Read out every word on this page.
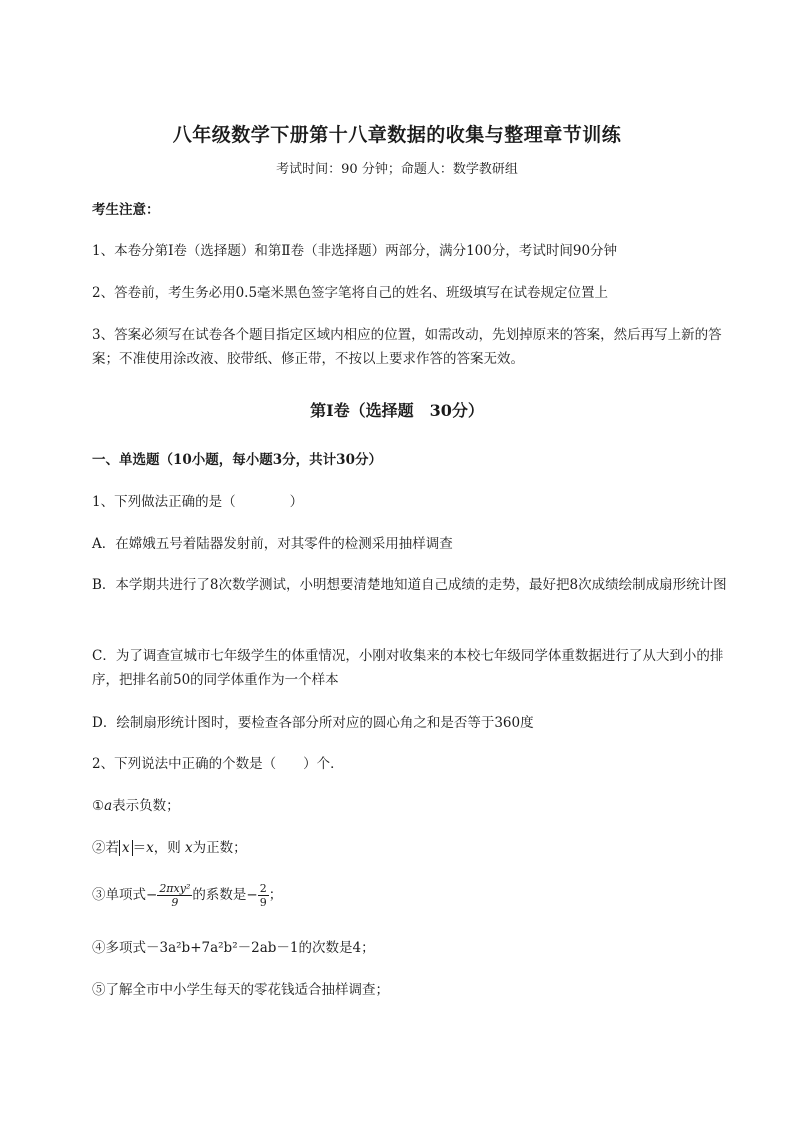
八年级数学下册第十八章数据的收集与整理章节训练
考试时间：90 分钟；命题人：数学教研组
考生注意：
1、本卷分第Ⅰ卷（选择题）和第Ⅱ卷（非选择题）两部分，满分100分，考试时间90分钟
2、答卷前，考生务必用0.5毫米黑色签字笔将自己的姓名、班级填写在试卷规定位置上
3、答案必须写在试卷各个题目指定区域内相应的位置，如需改动，先划掉原来的答案，然后再写上新的答案；不准使用涂改液、胶带纸、修正带，不按以上要求作答的答案无效。
第Ⅰ卷（选择题　30分）
一、单选题（10小题，每小题3分，共计30分）
1、下列做法正确的是（　　　　）
A．在嫦娥五号着陆器发射前，对其零件的检测采用抽样调查
B．本学期共进行了8次数学测试，小明想要清楚地知道自己成绩的走势，最好把8次成绩绘制成扇形统计图
C．为了调查宣城市七年级学生的体重情况，小刚对收集来的本校七年级同学体重数据进行了从大到小的排序，把排名前50的同学体重作为一个样本
D．绘制扇形统计图时，要检查各部分所对应的圆心角之和是否等于360度
2、下列说法中正确的个数是（　　）个．
①a表示负数；
②若 x ＝x，则 x为正数；
③单项式− $\frac{\text{2πxy²}}{9}$ 的系数是− $\frac{2}{9}$ ；
④多项式－3a²b+7a²b²－2ab－1的次数是4；
⑤了解全市中小学生每天的零花钱适合抽样调查；
